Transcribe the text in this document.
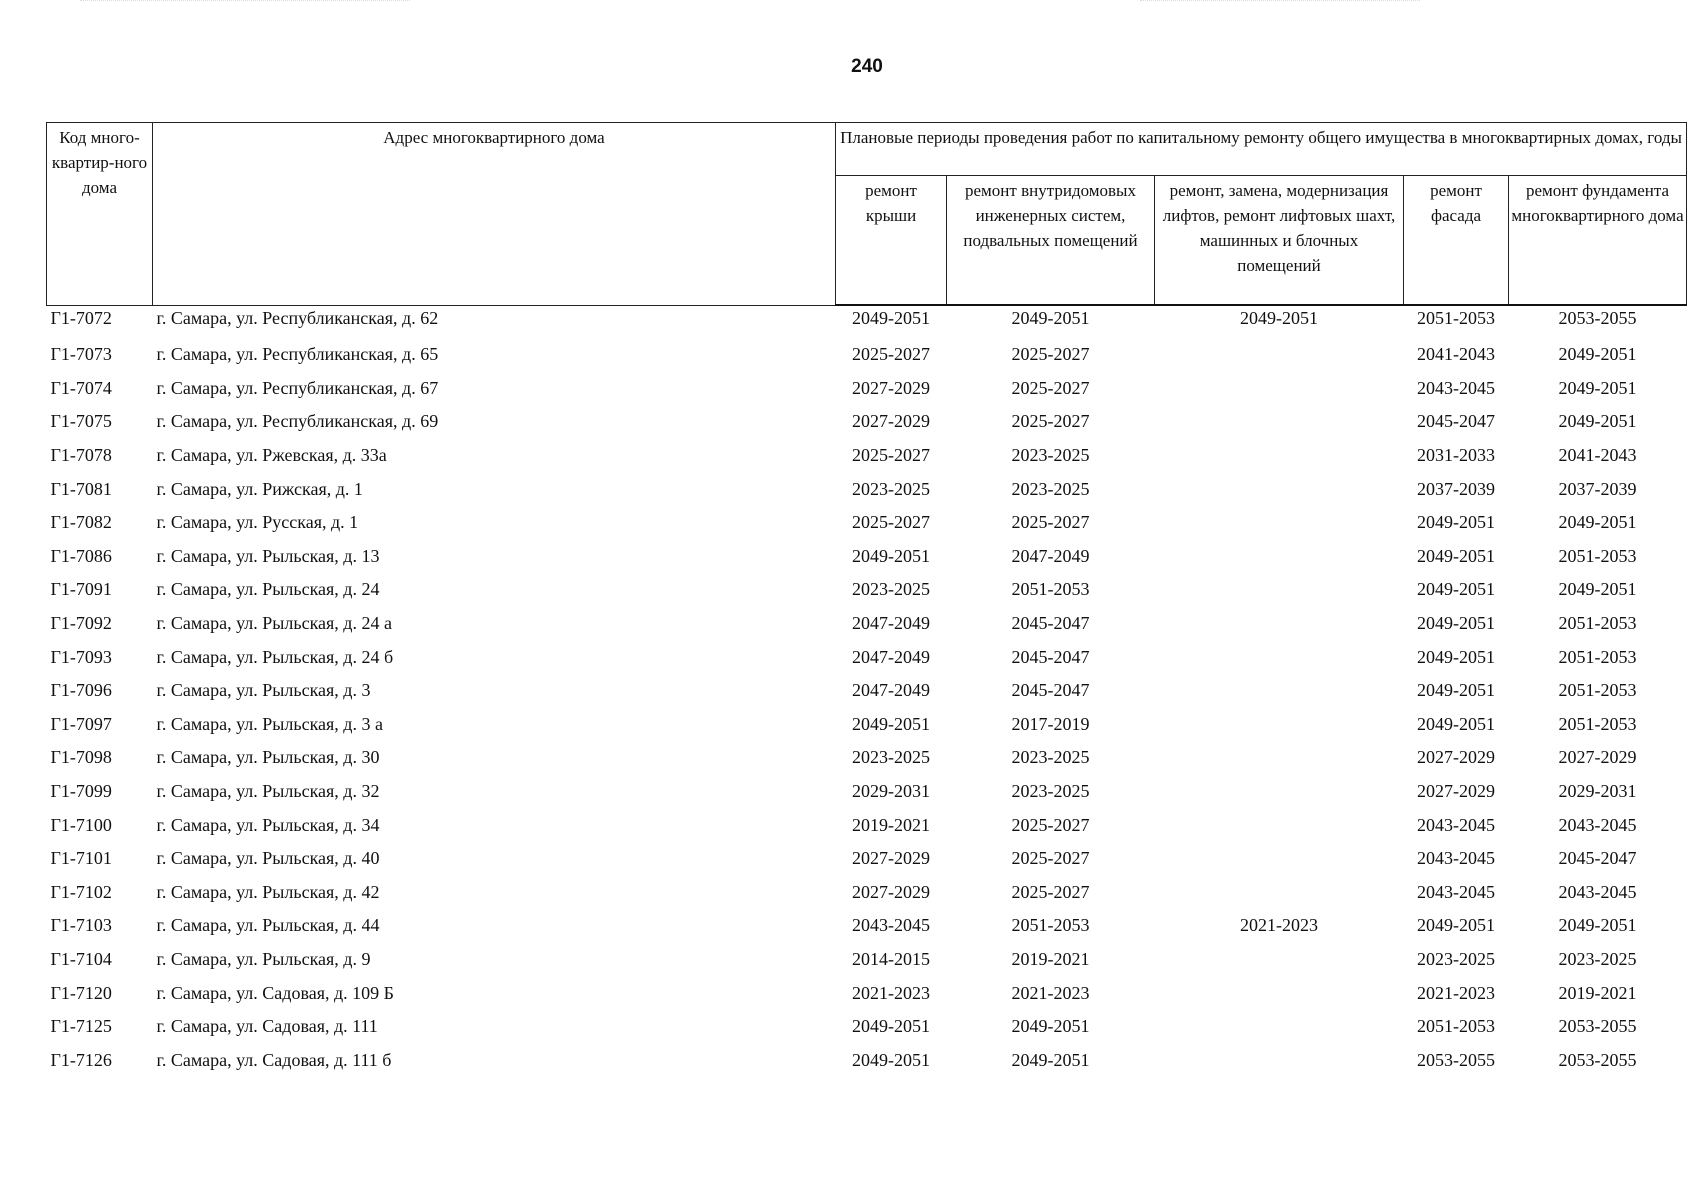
240
Код много-квартир-ного дома	Адрес многоквартирного дома	Плановые периоды проведения работ по капитальному ремонту общего имущества в многоквартирных домах, годы				
		ремонт крыши	ремонт внутридомовых инженерных систем, подвальных помещений	ремонт, замена, модернизация лифтов, ремонт лифтовых шахт, машинных и блочных помещений	ремонт фасада	ремонт фундамента многоквартирного дома
Г1-7072	г. Самара, ул. Республиканская, д. 62	2049-2051	2049-2051	2049-2051	2051-2053	2053-2055
Г1-7073	г. Самара, ул. Республиканская, д. 65	2025-2027	2025-2027		2041-2043	2049-2051
Г1-7074	г. Самара, ул. Республиканская, д. 67	2027-2029	2025-2027		2043-2045	2049-2051
Г1-7075	г. Самара, ул. Республиканская, д. 69	2027-2029	2025-2027		2045-2047	2049-2051
Г1-7078	г. Самара, ул. Ржевская, д. 33а	2025-2027	2023-2025		2031-2033	2041-2043
Г1-7081	г. Самара, ул. Рижская, д. 1	2023-2025	2023-2025		2037-2039	2037-2039
Г1-7082	г. Самара, ул. Русская, д. 1	2025-2027	2025-2027		2049-2051	2049-2051
Г1-7086	г. Самара, ул. Рыльская, д. 13	2049-2051	2047-2049		2049-2051	2051-2053
Г1-7091	г. Самара, ул. Рыльская, д. 24	2023-2025	2051-2053		2049-2051	2049-2051
Г1-7092	г. Самара, ул. Рыльская, д. 24 а	2047-2049	2045-2047		2049-2051	2051-2053
Г1-7093	г. Самара, ул. Рыльская, д. 24 б	2047-2049	2045-2047		2049-2051	2051-2053
Г1-7096	г. Самара, ул. Рыльская, д. 3	2047-2049	2045-2047		2049-2051	2051-2053
Г1-7097	г. Самара, ул. Рыльская, д. 3 а	2049-2051	2017-2019		2049-2051	2051-2053
Г1-7098	г. Самара, ул. Рыльская, д. 30	2023-2025	2023-2025		2027-2029	2027-2029
Г1-7099	г. Самара, ул. Рыльская, д. 32	2029-2031	2023-2025		2027-2029	2029-2031
Г1-7100	г. Самара, ул. Рыльская, д. 34	2019-2021	2025-2027		2043-2045	2043-2045
Г1-7101	г. Самара, ул. Рыльская, д. 40	2027-2029	2025-2027		2043-2045	2045-2047
Г1-7102	г. Самара, ул. Рыльская, д. 42	2027-2029	2025-2027		2043-2045	2043-2045
Г1-7103	г. Самара, ул. Рыльская, д. 44	2043-2045	2051-2053	2021-2023	2049-2051	2049-2051
Г1-7104	г. Самара, ул. Рыльская, д. 9	2014-2015	2019-2021		2023-2025	2023-2025
Г1-7120	г. Самара, ул. Садовая, д. 109 Б	2021-2023	2021-2023		2021-2023	2019-2021
Г1-7125	г. Самара, ул. Садовая, д. 111	2049-2051	2049-2051		2051-2053	2053-2055
Г1-7126	г. Самара, ул. Садовая, д. 111 б	2049-2051	2049-2051		2053-2055	2053-2055
